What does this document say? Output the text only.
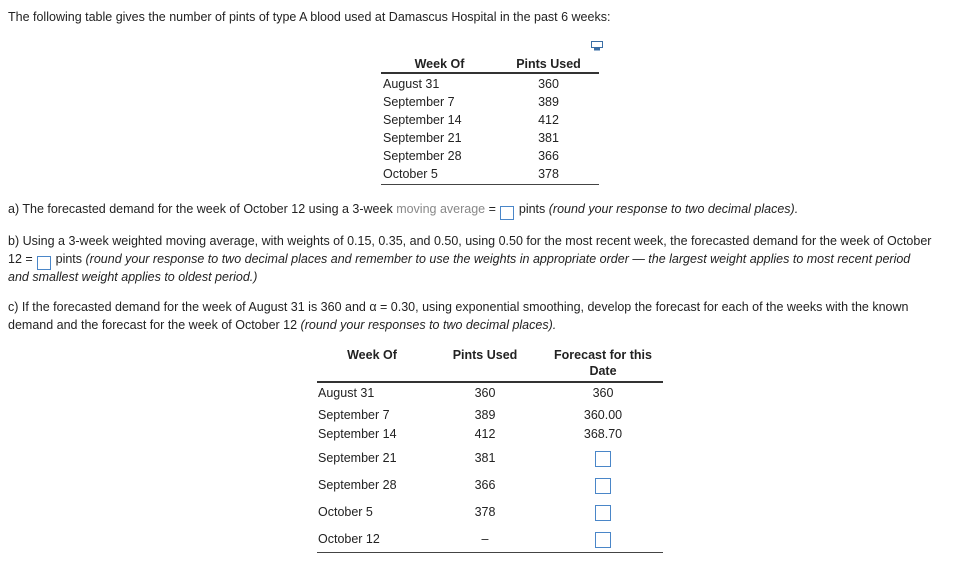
The following table gives the number of pints of type A blood used at Damascus Hospital in the past 6 weeks:
Week Of	Pints Used
August 31	360
September 7	389
September 14	412
September 21	381
September 28	366
October 5	378
a) The forecasted demand for the week of October 12 using a 3-week moving average =  pints (round your response to two decimal places).
b) Using a 3-week weighted moving average, with weights of 0.15, 0.35, and 0.50, using 0.50 for the most recent week, the forecasted demand for the week of October
12 =  pints (round your response to two decimal places and remember to use the weights in appropriate order — the largest weight applies to most recent period
and smallest weight applies to oldest period.)
c) If the forecasted demand for the week of August 31 is 360 and α = 0.30, using exponential smoothing, develop the forecast for each of the weeks with the known
demand and the forecast for the week of October 12 (round your responses to two decimal places).
Week Of	Pints Used	Forecast for this
Date
August 31	360	360
September 7	389	360.00
September 14	412	368.70
September 21	381
September 28	366
October 5	378
October 12	–
